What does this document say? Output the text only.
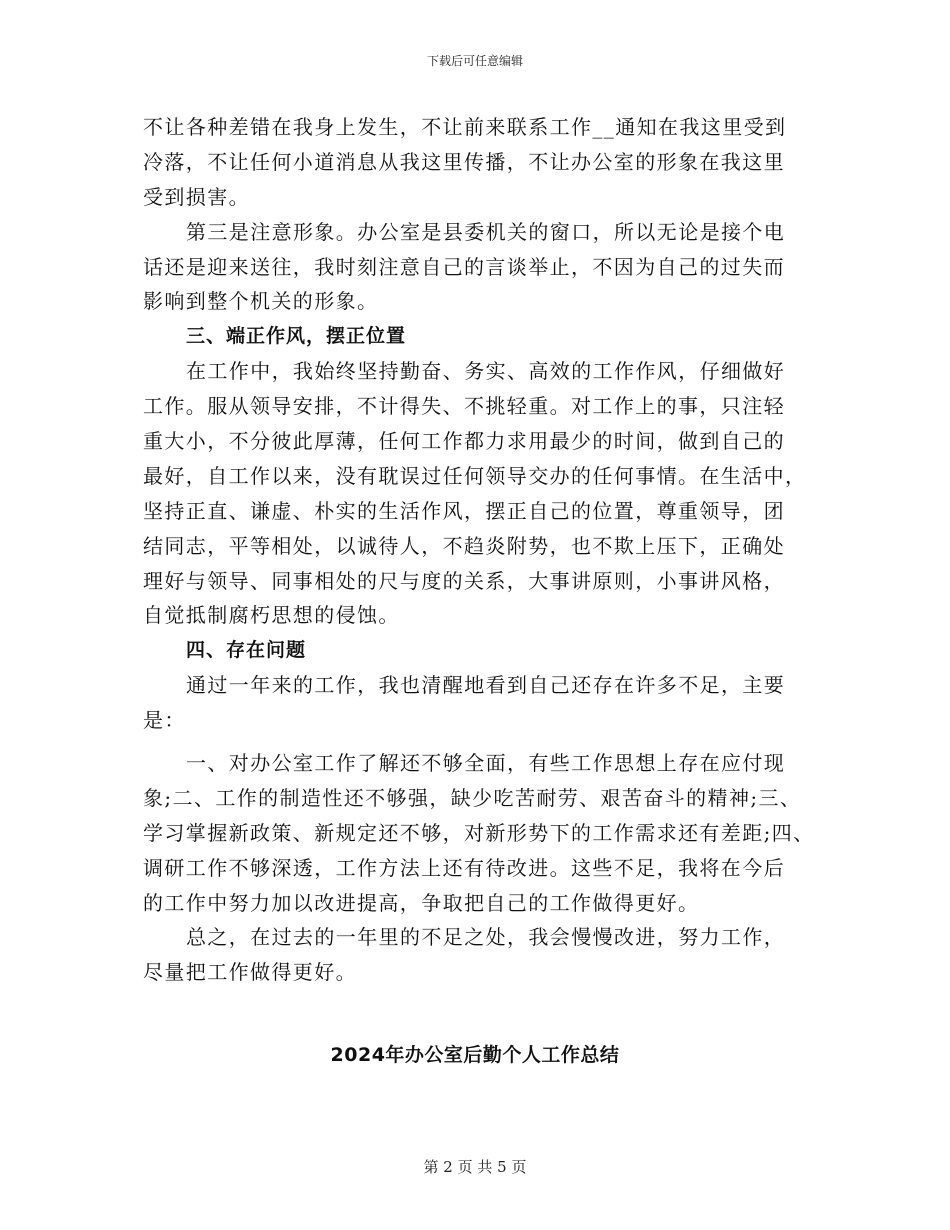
下载后可任意编辑
不让各种差错在我身上发生，不让前来联系工作__通知在我这里受到
冷落，不让任何小道消息从我这里传播，不让办公室的形象在我这里
受到损害。
第三是注意形象。办公室是县委机关的窗口，所以无论是接个电
话还是迎来送往，我时刻注意自己的言谈举止，不因为自己的过失而
影响到整个机关的形象。
三、端正作风，摆正位置
在工作中，我始终坚持勤奋、务实、高效的工作作风，仔细做好
工作。服从领导安排，不计得失、不挑轻重。对工作上的事，只注轻
重大小，不分彼此厚薄，任何工作都力求用最少的时间，做到自己的
最好，自工作以来，没有耽误过任何领导交办的任何事情。在生活中，
坚持正直、谦虚、朴实的生活作风，摆正自己的位置，尊重领导，团
结同志，平等相处，以诚待人，不趋炎附势，也不欺上压下，正确处
理好与领导、同事相处的尺与度的关系，大事讲原则，小事讲风格，
自觉抵制腐朽思想的侵蚀。
四、存在问题
通过一年来的工作，我也清醒地看到自己还存在许多不足，主要
是：
一、对办公室工作了解还不够全面，有些工作思想上存在应付现
象;二、工作的制造性还不够强，缺少吃苦耐劳、艰苦奋斗的精神;三、
学习掌握新政策、新规定还不够，对新形势下的工作需求还有差距;四、
调研工作不够深透，工作方法上还有待改进。这些不足，我将在今后
的工作中努力加以改进提高，争取把自己的工作做得更好。
总之，在过去的一年里的不足之处，我会慢慢改进，努力工作，
尽量把工作做得更好。
2024年办公室后勤个人工作总结
第 2 页 共 5 页
